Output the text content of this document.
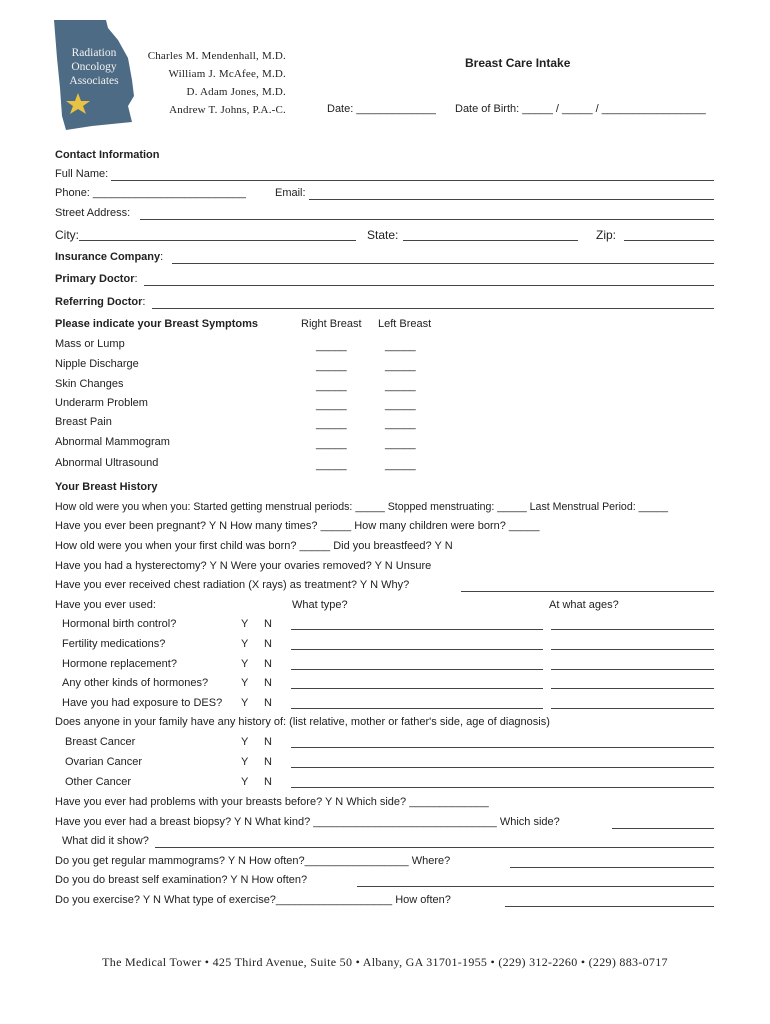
Radiation
Oncology
Associates
Charles M. Mendenhall, M.D.
William J. McAfee, M.D.
D. Adam Jones, M.D.
Andrew T. Johns, P.A.-C.
Breast Care Intake
Date: _____________ Date of Birth: _____ / _____ / _________________
Contact Information
Full Name:
Phone: _________________________	Email:
Street Address:
City:	State:	Zip:
Insurance Company:
Primary Doctor:
Referring Doctor:
Please indicate your Breast Symptoms	Right Breast Left Breast
Mass or Lump	_____	_____
Nipple Discharge	_____	_____
Skin Changes	_____	_____
Underarm Problem	_____	_____
Breast Pain	_____	_____
Abnormal Mammogram	_____	_____
Abnormal Ultrasound	_____	_____
Your Breast History
How old were you when you: Started getting menstrual periods: _____ Stopped menstruating: _____ Last Menstrual Period: _____
Have you ever been pregnant? Y N How many times? _____ How many children were born? _____
How old were you when your first child was born? _____ Did you breastfeed? Y N
Have you had a hysterectomy? Y N Were your ovaries removed? Y N Unsure
Have you ever received chest radiation (X rays) as treatment? Y N Why?
Have you ever used:	What type?	At what ages?
Hormonal birth control?	Y N
Fertility medications?	Y N
Hormone replacement?	Y N
Any other kinds of hormones?	Y N
Have you had exposure to DES? Y N
Does anyone in your family have any history of: (list relative, mother or father's side, age of diagnosis)
Breast Cancer	Y N
Ovarian Cancer	Y N
Other Cancer	Y N
Have you ever had problems with your breasts before? Y N Which side? _____________
Have you ever had a breast biopsy? Y N What kind? ______________________________ Which side?
What did it show?
Do you get regular mammograms? Y N How often?_________________ Where?
Do you do breast self examination? Y N How often?
Do you exercise? Y N What type of exercise?___________________ How often?
The Medical Tower • 425 Third Avenue, Suite 50 • Albany, GA 31701-1955 • (229) 312-2260 • (229) 883-0717
